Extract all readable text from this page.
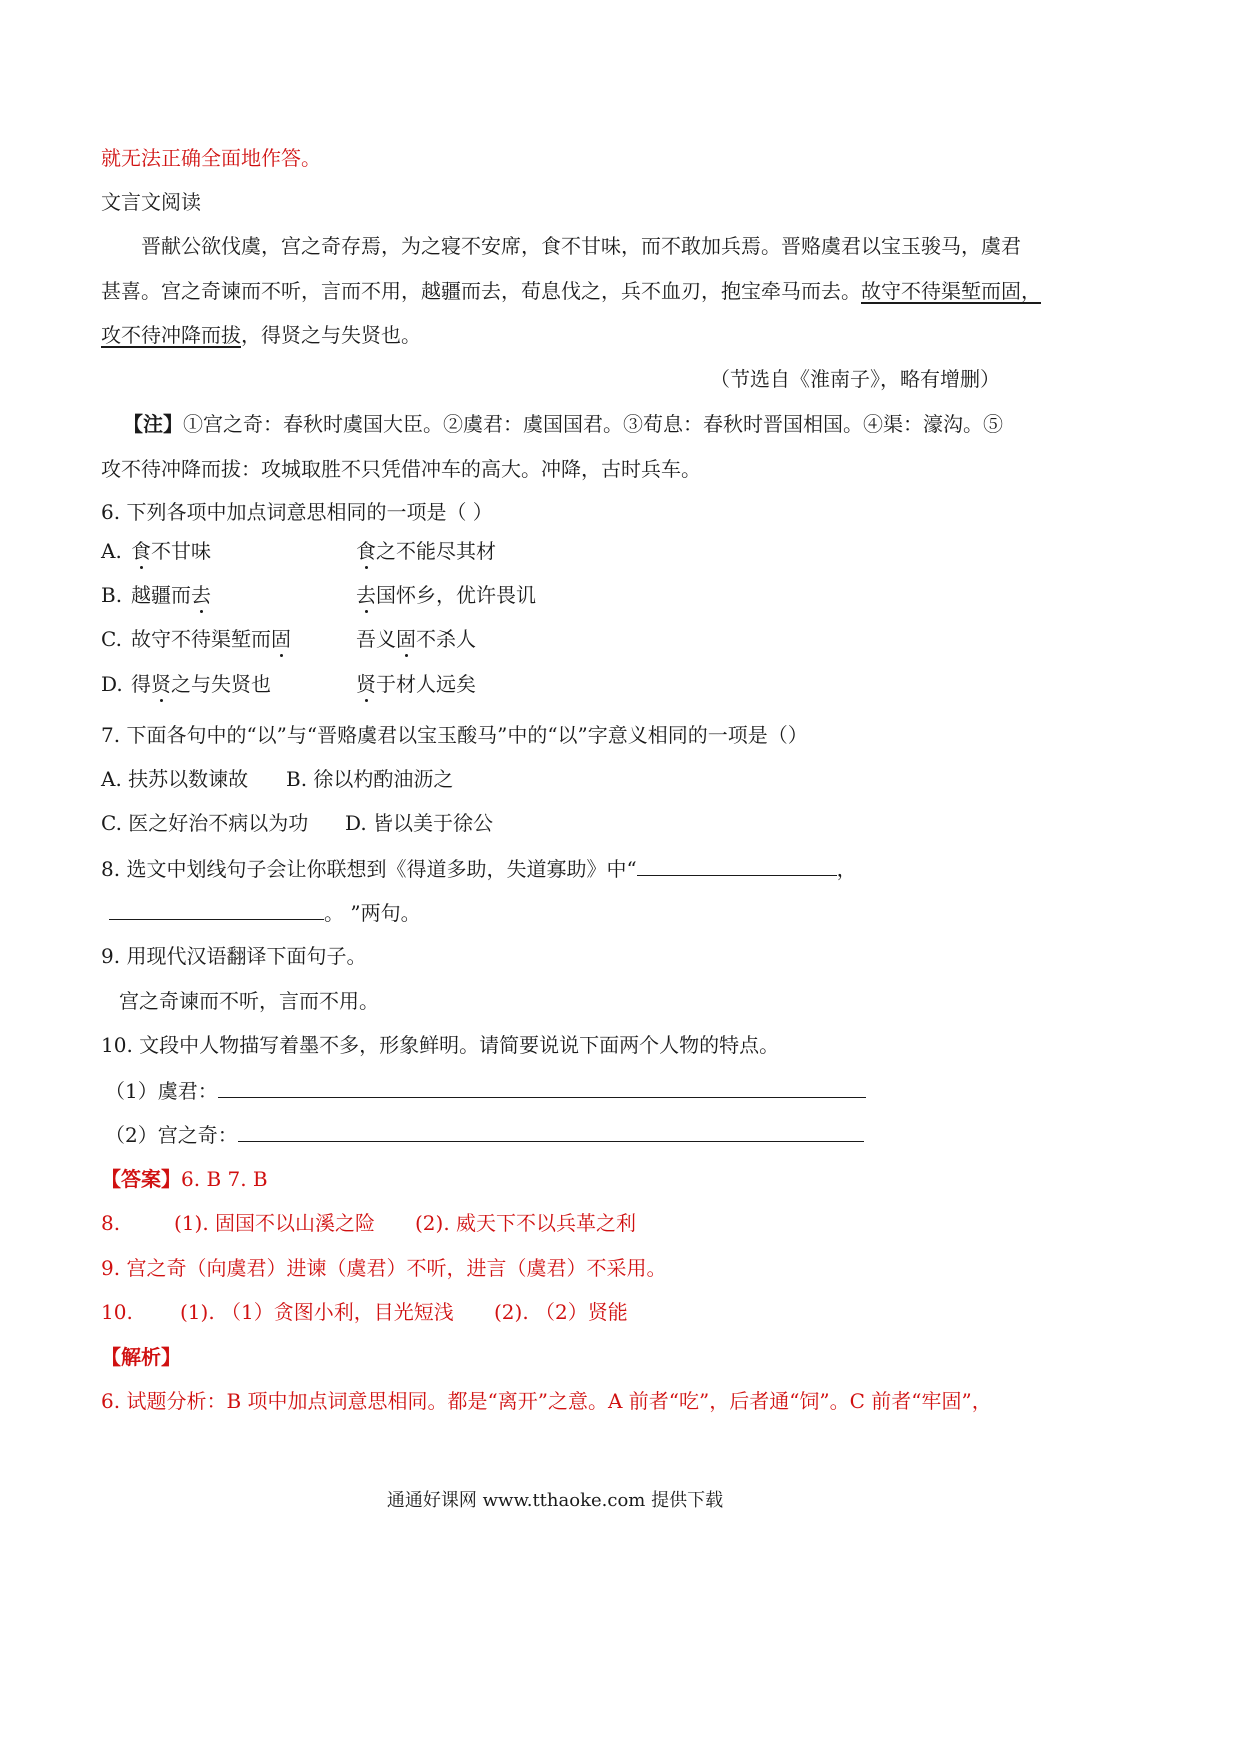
就无法正确全面地作答。
文言文阅读
晋献公欲伐虞，宫之奇存焉，为之寝不安席，食不甘味，而不敢加兵焉。晋赂虞君以宝玉骏马，虞君
甚喜。宫之奇谏而不听，言而不用，越疆而去，荀息伐之，兵不血刃，抱宝牵马而去。故守不待渠堑而固，
攻不待冲降而拔，得贤之与失贤也。
（节选自《淮南子》，略有增删）
【注】①宫之奇：春秋时虞国大臣。②虞君：虞国国君。③荀息：春秋时晋国相国。④渠：濠沟。⑤
攻不待冲降而拔：攻城取胜不只凭借冲车的高大。冲降，古时兵车。
6. 下列各项中加点词意思相同的一项是（ ）
A. 食不甘味	食之不能尽其材
B. 越疆而去	去国怀乡，优许畏讥
C. 故守不待渠堑而固	吾义固不杀人
D. 得贤之与失贤也	贤于材人远矣
7. 下面各句中的“以”与“晋赂虞君以宝玉酸马”中的“以”字意义相同的一项是（）
A. 扶苏以数谏故 B. 徐以杓酌油沥之
C. 医之好治不病以为功 D. 皆以美于徐公
8. 选文中划线句子会让你联想到《得道多助，失道寡助》中“	，
。 ”两句。
9. 用现代汉语翻译下面句子。
宫之奇谏而不听，言而不用。
10. 文段中人物描写着墨不多，形象鲜明。请简要说说下面两个人物的特点。
（1）虞君：
（2）宫之奇：
【答案】6. B 7. B
8.	(1). 固国不以山溪之险 (2). 威天下不以兵革之利
9. 宫之奇（向虞君）进谏（虞君）不听，进言（虞君）不采用。
10. (1). （1）贪图小利，目光短浅 (2). （2）贤能
【解析】
6. 试题分析：B 项中加点词意思相同。都是“离开”之意。A 前者“吃”，后者通“饲”。C 前者“牢固”，
通通好课网 www.tthaoke.com 提供下载
